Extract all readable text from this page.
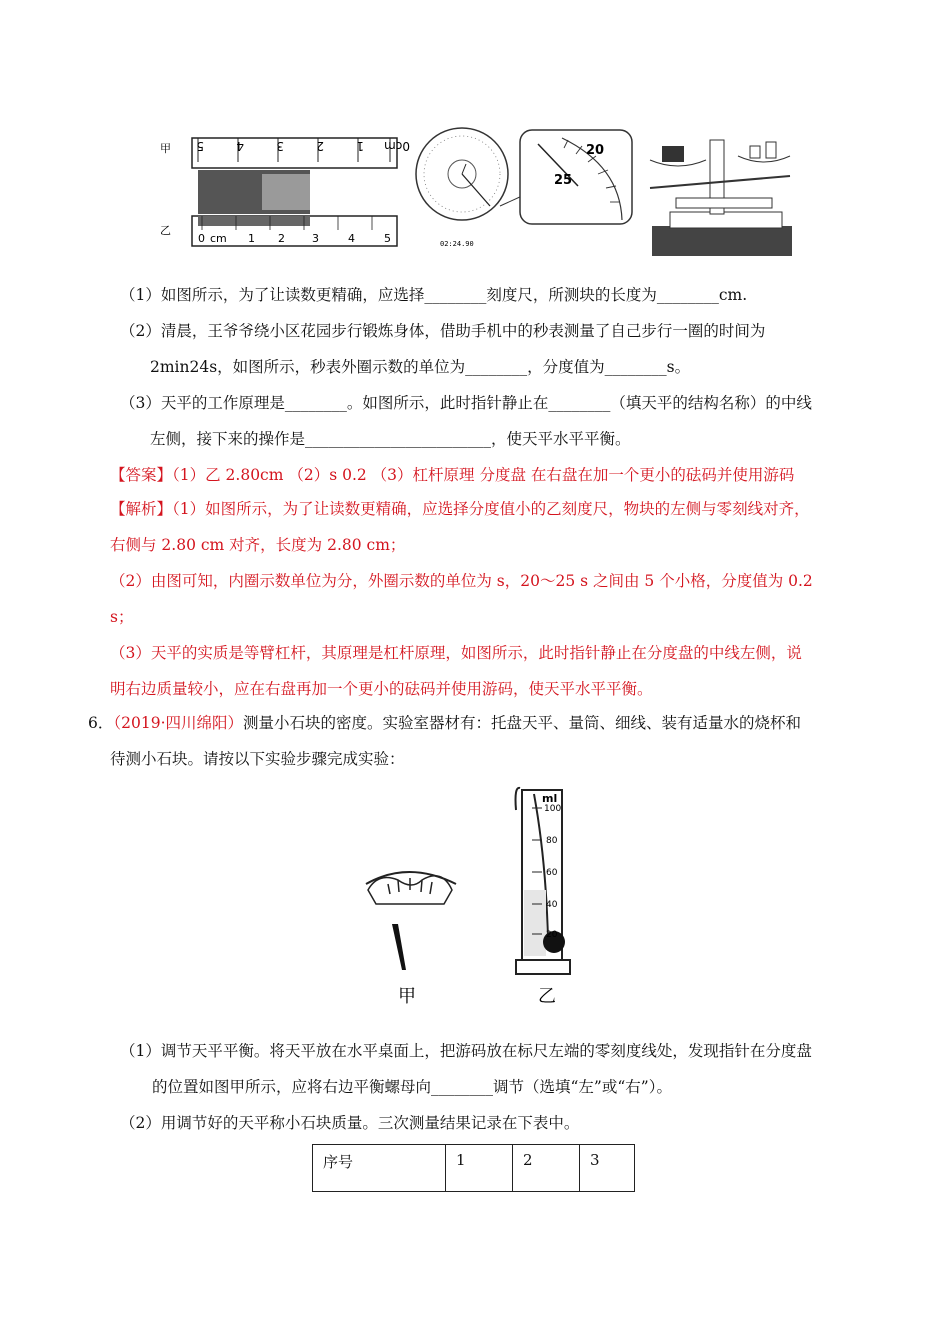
甲
乙
5	4	3	2	1 0cm
0 cm 1 2 3	4	5	02:24.90
20
25
（1）如图所示，为了让读数更精确，应选择________刻度尺，所测块的长度为________cm.
（2）清晨，王爷爷绕小区花园步行锻炼身体，借助手机中的秒表测量了自己步行一圈的时间为
2min24s，如图所示，秒表外圈示数的单位为________，分度值为________s。
（3）天平的工作原理是________。如图所示，此时指针静止在________（填天平的结构名称）的中线
左侧，接下来的操作是________________________，使天平水平平衡。
【答案】（1）乙 2.80cm （2）s 0.2 （3）杠杆原理 分度盘 在右盘在加一个更小的砝码并使用游码
【解析】（1）如图所示，为了让读数更精确，应选择分度值小的乙刻度尺，物块的左侧与零刻线对齐，
右侧与 2.80 cm 对齐，长度为 2.80 cm；
（2）由图可知，内圈示数单位为分，外圈示数的单位为 s，20～25 s 之间由 5 个小格，分度值为 0.2
s；
（3）天平的实质是等臂杠杆，其原理是杠杆原理，如图所示，此时指针静止在分度盘的中线左侧，说
明右边质量较小，应在右盘再加一个更小的砝码并使用游码，使天平水平平衡。
6．（2019·四川绵阳）测量小石块的密度。实验室器材有：托盘天平、量筒、细线、装有适量水的烧杯和
待测小石块。请按以下实验步骤完成实验：
甲
ml
100
80
60
40
20
乙
（1）调节天平平衡。将天平放在水平桌面上，把游码放在标尺左端的零刻度线处，发现指针在分度盘
的位置如图甲所示，应将右边平衡螺母向________调节（选填“左”或“右”）。
（2）用调节好的天平称小石块质量。三次测量结果记录在下表中。
序号	1	2	3
